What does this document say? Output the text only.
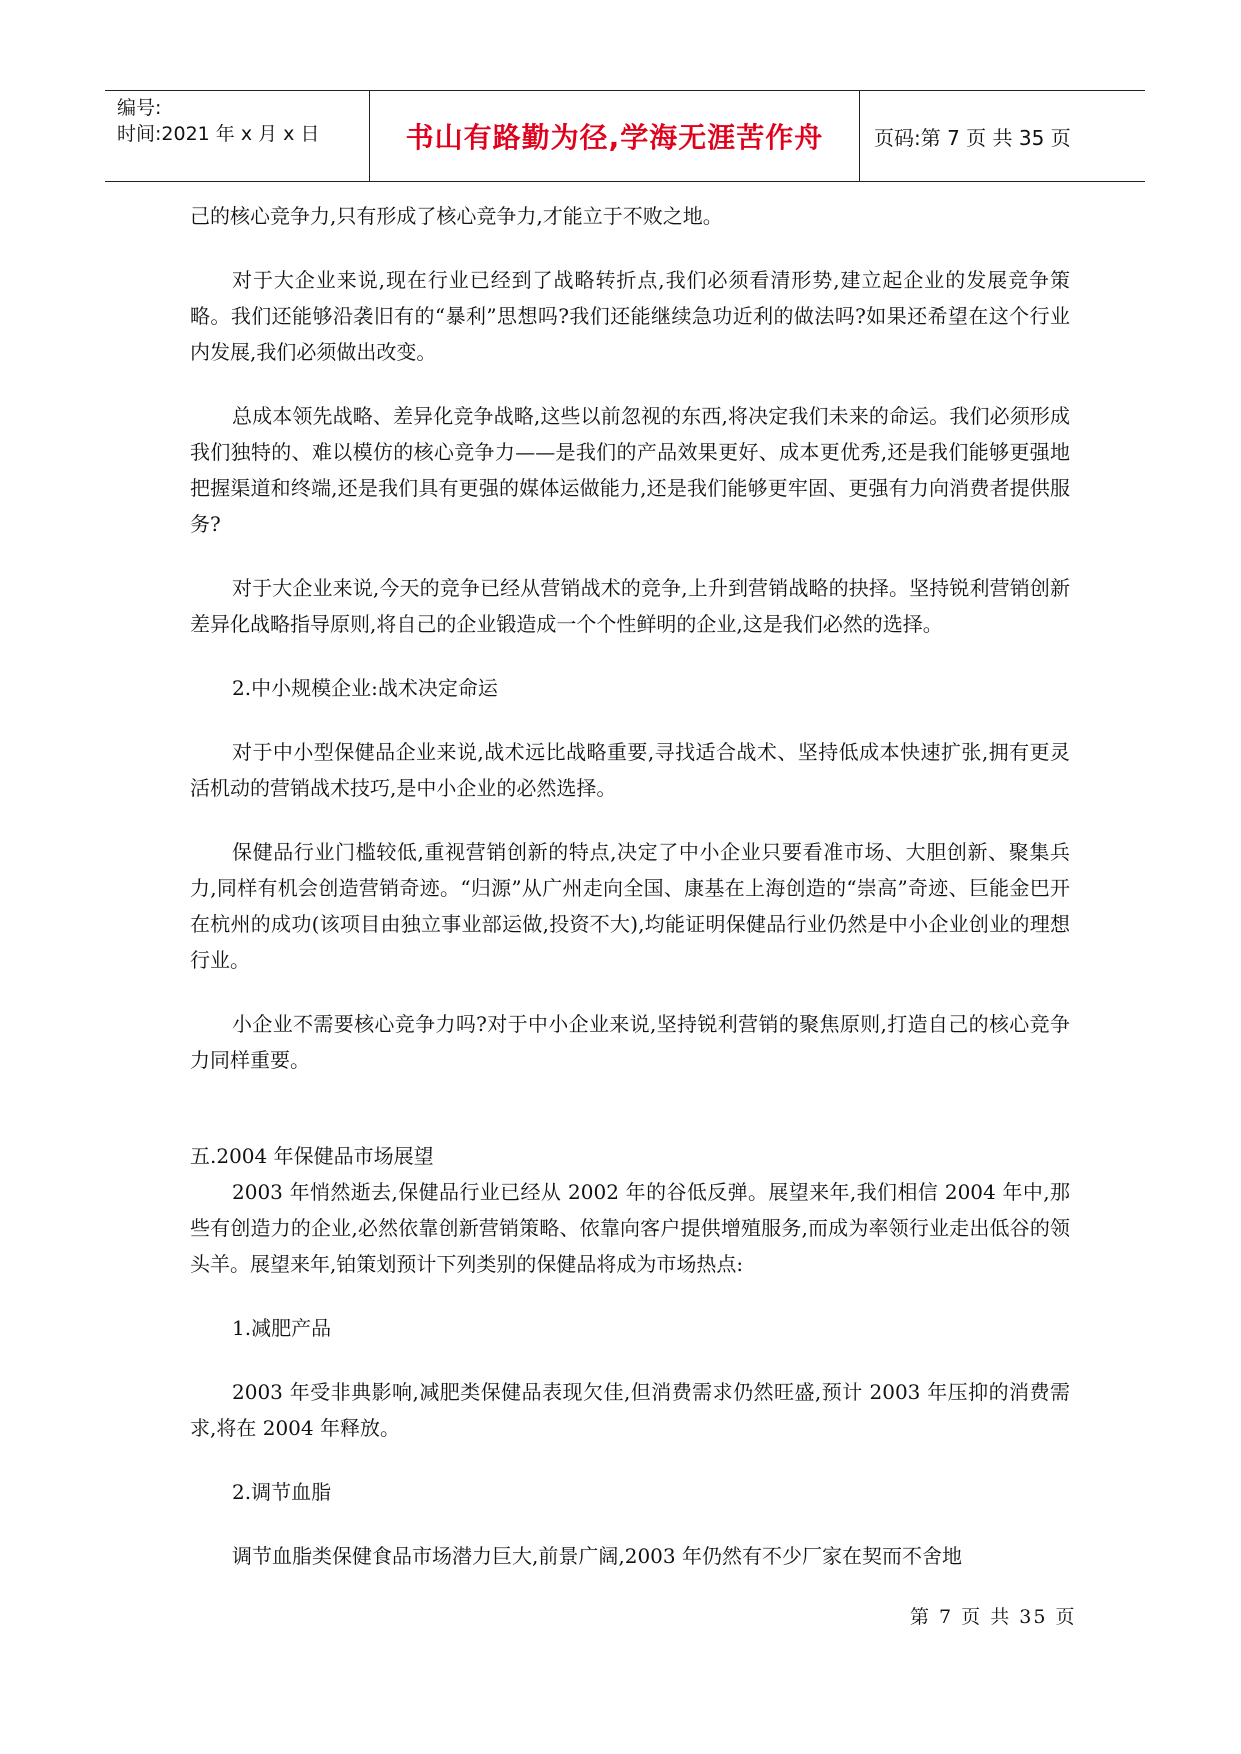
编号:
时间:2021 年 x 月 x 日	书山有路勤为径,学海无涯苦作舟	页码:第 7 页 共 35 页

己的核心竞争力,只有形成了核心竞争力,才能立于不败之地。

对于大企业来说,现在行业已经到了战略转折点,我们必须看清形势,建立起企业的发展竞争策略。我们还能够沿袭旧有的“暴利”思想吗?我们还能继续急功近利的做法吗?如果还希望在这个行业内发展,我们必须做出改变。

总成本领先战略、差异化竞争战略,这些以前忽视的东西,将决定我们未来的命运。我们必须形成我们独特的、难以模仿的核心竞争力——是我们的产品效果更好、成本更优秀,还是我们能够更强地把握渠道和终端,还是我们具有更强的媒体运做能力,还是我们能够更牢固、更强有力向消费者提供服务?

对于大企业来说,今天的竞争已经从营销战术的竞争,上升到营销战略的抉择。坚持锐利营销创新差异化战略指导原则,将自己的企业锻造成一个个性鲜明的企业,这是我们必然的选择。

2.中小规模企业:战术决定命运

对于中小型保健品企业来说,战术远比战略重要,寻找适合战术、坚持低成本快速扩张,拥有更灵活机动的营销战术技巧,是中小企业的必然选择。

保健品行业门槛较低,重视营销创新的特点,决定了中小企业只要看准市场、大胆创新、聚集兵力,同样有机会创造营销奇迹。“归源”从广州走向全国、康基在上海创造的“崇高”奇迹、巨能金巴开在杭州的成功(该项目由独立事业部运做,投资不大),均能证明保健品行业仍然是中小企业创业的理想行业。

小企业不需要核心竞争力吗?对于中小企业来说,坚持锐利营销的聚焦原则,打造自己的核心竞争力同样重要。

五.2004 年保健品市场展望

2003 年悄然逝去,保健品行业已经从 2002 年的谷低反弹。展望来年,我们相信 2004 年中,那些有创造力的企业,必然依靠创新营销策略、依靠向客户提供增殖服务,而成为率领行业走出低谷的领头羊。展望来年,铂策划预计下列类别的保健品将成为市场热点:

1.减肥产品

2003 年受非典影响,减肥类保健品表现欠佳,但消费需求仍然旺盛,预计 2003 年压抑的消费需求,将在 2004 年释放。

2.调节血脂

调节血脂类保健食品市场潜力巨大,前景广阔,2003 年仍然有不少厂家在契而不舍地

第 7 页 共 35 页
